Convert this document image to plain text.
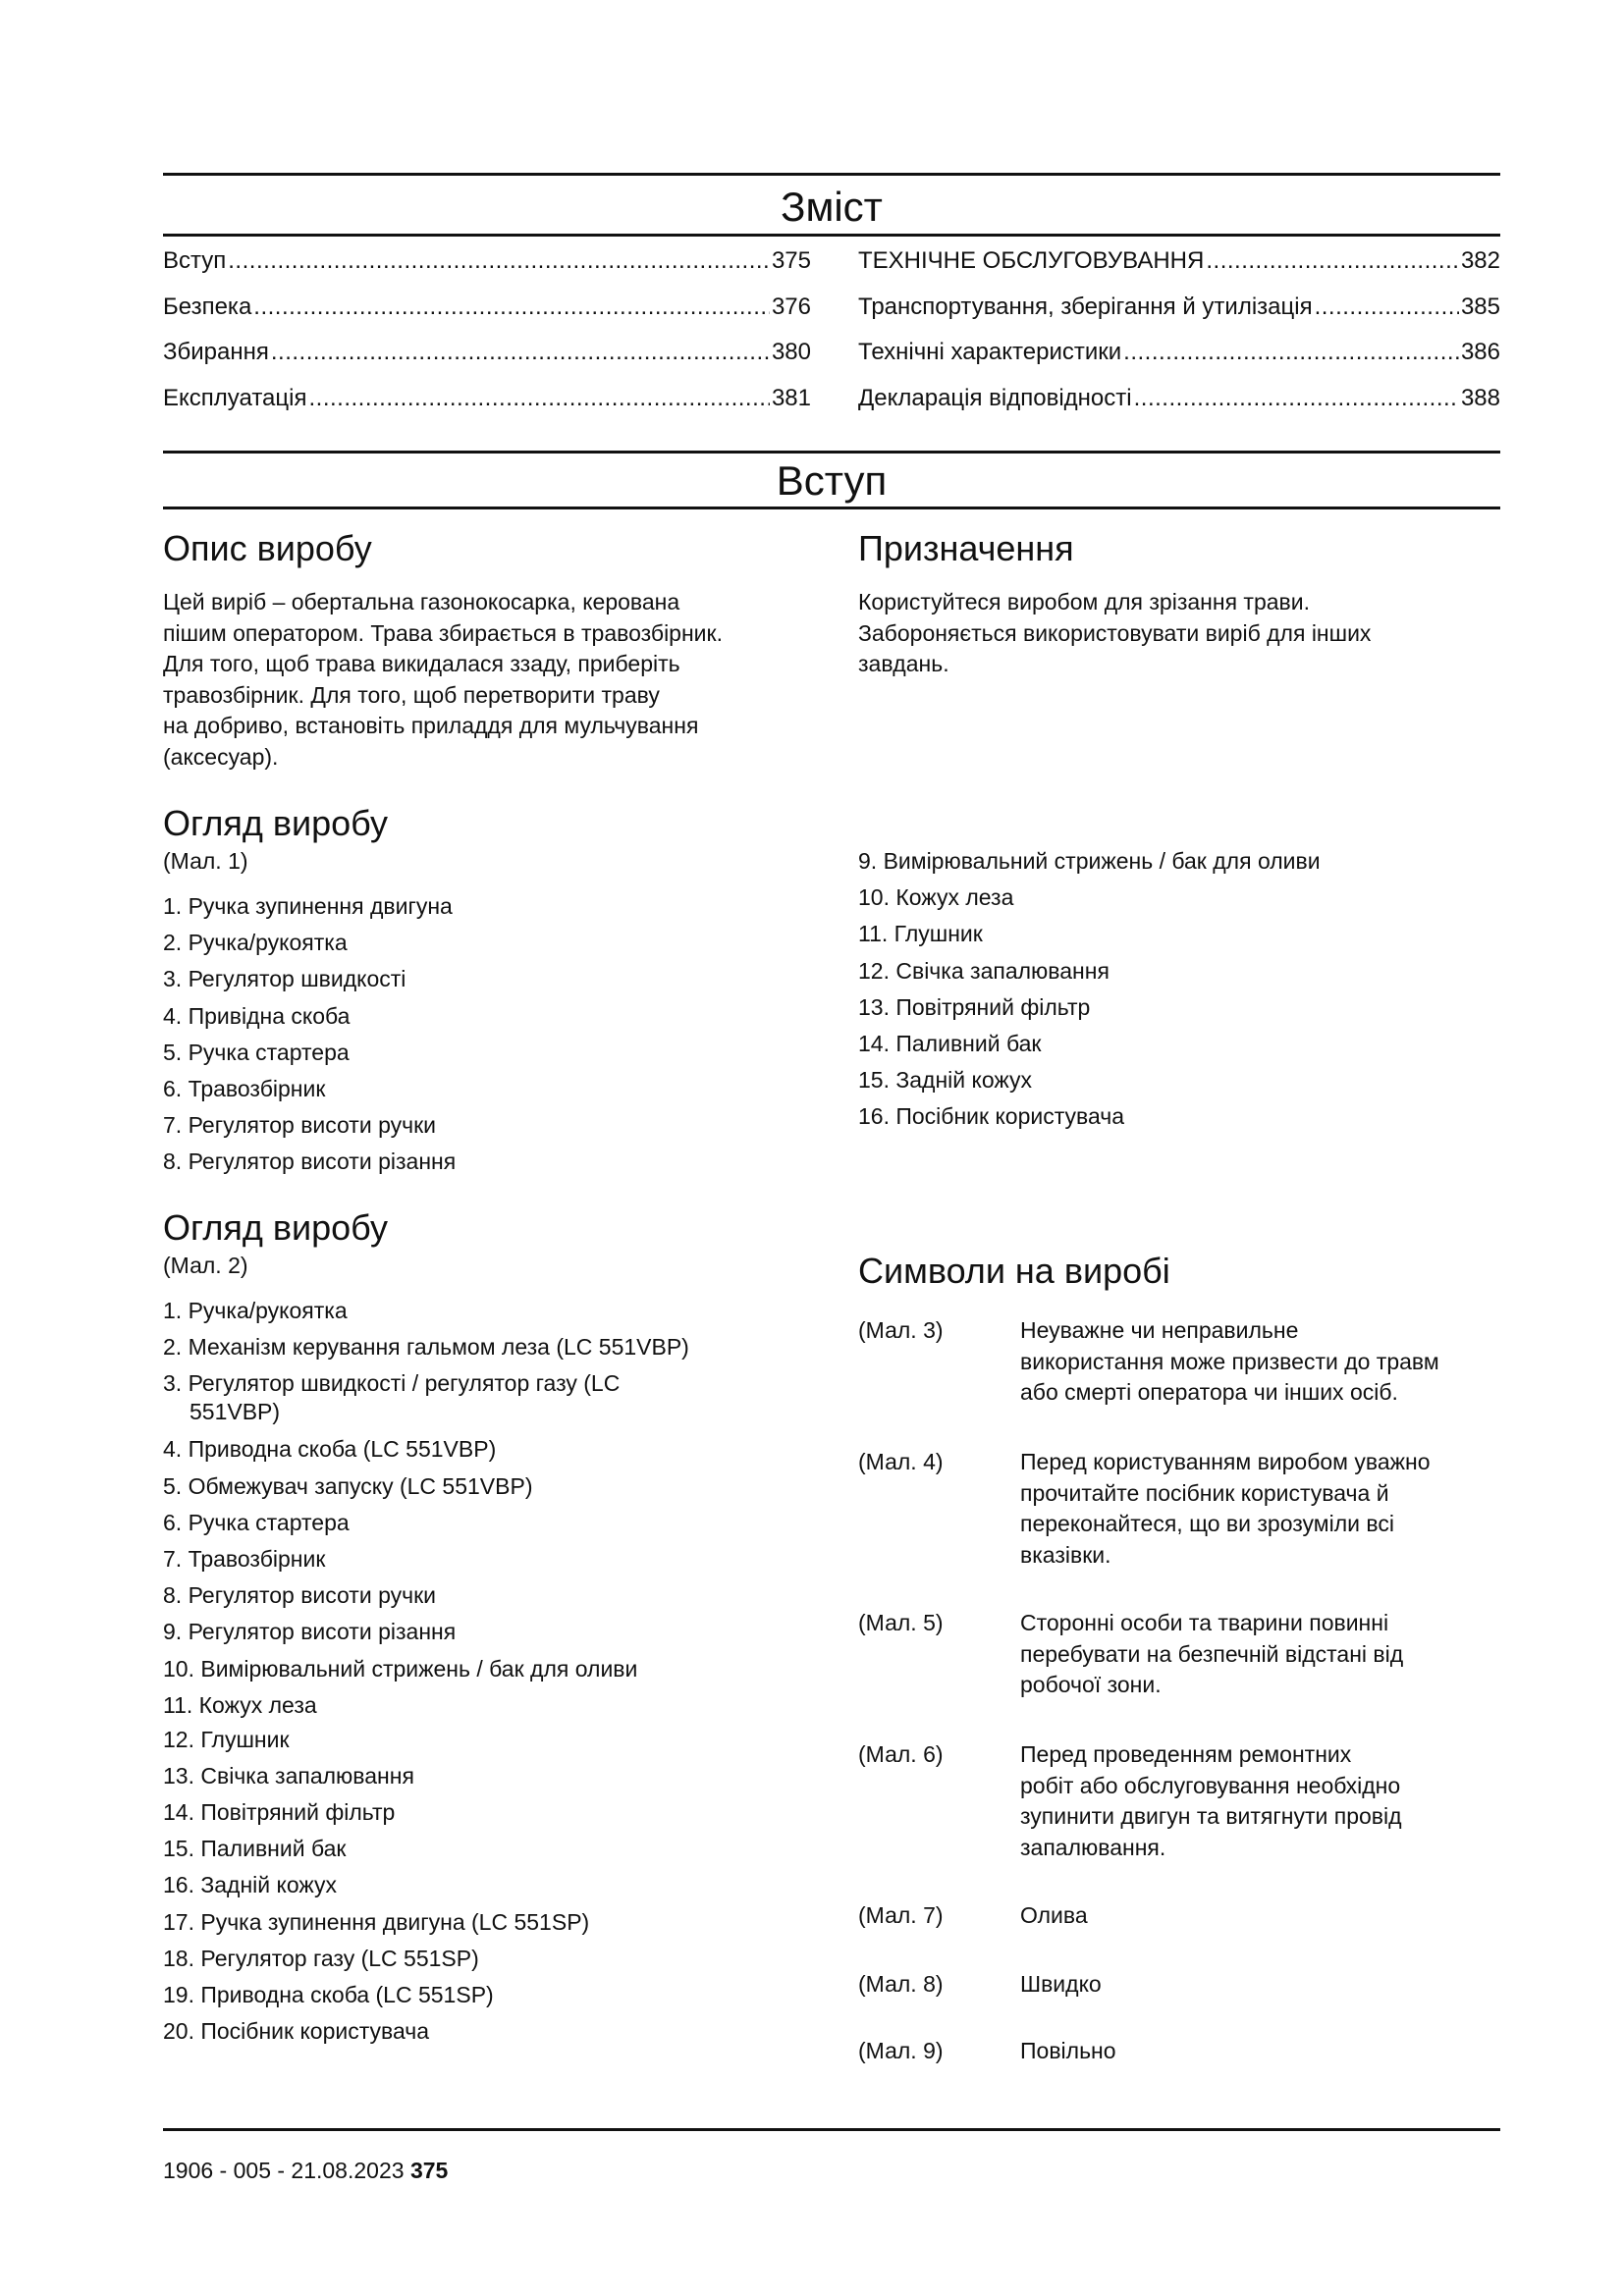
Зміст
Вступ .....	375
Безпека .....	376
Збирання .....	380
Експлуатація .....	381
ТЕХНІЧНЕ ОБСЛУГОВУВАННЯ .....	382
Транспортування, зберігання й утилізація .....	385
Технічні характеристики .....	386
Декларація відповідності .....	388
Вступ
Опис виробу
Цей виріб – обертальна газонокосарка, керована
пішим оператором. Трава збирається в травозбірник.
Для того, щоб трава викидалася ззаду, приберіть
травозбірник. Для того, щоб перетворити траву
на добриво, встановіть приладдя для мульчування
(аксесуар).
Призначення
Користуйтеся виробом для зрізання трави.
Забороняється використовувати виріб для інших
завдань.
Огляд виробу
(Мал. 1)
1. Ручка зупинення двигуна
2. Ручка/рукоятка
3. Регулятор швидкості
4. Привідна скоба
5. Ручка стартера
6. Травозбірник
7. Регулятор висоти ручки
8. Регулятор висоти різання
9. Вимірювальний стрижень / бак для оливи
10. Кожух леза
11. Глушник
12. Свічка запалювання
13. Повітряний фільтр
14. Паливний бак
15. Задній кожух
16. Посібник користувача
Огляд виробу
(Мал. 2)
1. Ручка/рукоятка
2. Механізм керування гальмом леза (LC 551VBP)
3. Регулятор швидкості / регулятор газу (LC
551VBP)
4. Приводна скоба (LC 551VBP)
5. Обмежувач запуску (LC 551VBP)
6. Ручка стартера
7. Травозбірник
8. Регулятор висоти ручки
9. Регулятор висоти різання
10. Вимірювальний стрижень / бак для оливи
11. Кожух леза
12. Глушник
13. Свічка запалювання
14. Повітряний фільтр
15. Паливний бак
16. Задній кожух
17. Ручка зупинення двигуна (LC 551SP)
18. Регулятор газу (LC 551SP)
19. Приводна скоба (LC 551SP)
20. Посібник користувача
Символи на виробі
(Мал. 3)	Неуважне чи неправильне
використання може призвести до травм
або смерті оператора чи інших осіб.
(Мал. 4)	Перед користуванням виробом уважно
прочитайте посібник користувача й
переконайтеся, що ви зрозуміли всі
вказівки.
(Мал. 5)	Сторонні особи та тварини повинні
перебувати на безпечній відстані від
робочої зони.
(Мал. 6)	Перед проведенням ремонтних
робіт або обслуговування необхідно
зупинити двигун та витягнути провід
запалювання.
(Мал. 7)	Олива
(Мал. 8)	Швидко
(Мал. 9)	Повільно
1906 - 005 - 21.08.2023 375
